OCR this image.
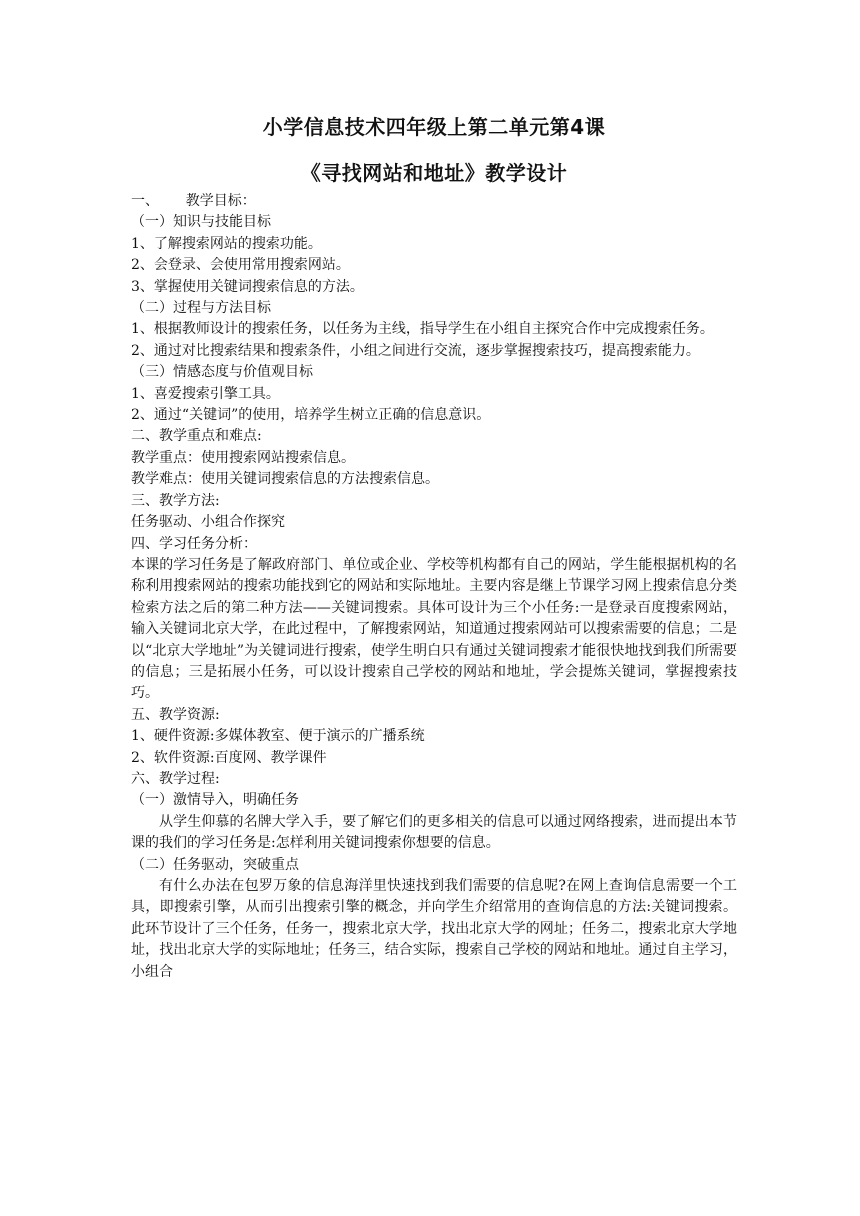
小学信息技术四年级上第二单元第4课
《寻找网站和地址》教学设计

一、      教学目标：

（一）知识与技能目标

1、了解搜索网站的搜索功能。

2、会登录、会使用常用搜索网站。

3、掌握使用关键词搜索信息的方法。

（二）过程与方法目标

1、根据教师设计的搜索任务，以任务为主线，指导学生在小组自主探究合作中完成搜索任务。

2、通过对比搜索结果和搜索条件，小组之间进行交流，逐步掌握搜索技巧，提高搜索能力。

（三）情感态度与价值观目标

1、喜爱搜索引擎工具。

2、通过“关键词”的使用，培养学生树立正确的信息意识。

二、教学重点和难点:

教学重点：使用搜索网站搜索信息。

教学难点：使用关键词搜索信息的方法搜索信息。

三、教学方法:

任务驱动、小组合作探究

四、学习任务分析：

本课的学习任务是了解政府部门、单位或企业、学校等机构都有自己的网站，学生能根据机构的名称利用搜索网站的搜索功能找到它的网站和实际地址。主要内容是继上节课学习网上搜索信息分类检索方法之后的第二种方法——关键词搜索。具体可设计为三个小任务:一是登录百度搜索网站，输入关键词北京大学，在此过程中，了解搜索网站，知道通过搜索网站可以搜索需要的信息；二是以“北京大学地址”为关键词进行搜索，使学生明白只有通过关键词搜索才能很快地找到我们所需要的信息；三是拓展小任务，可以设计搜索自己学校的网站和地址，学会提炼关键词，掌握搜索技巧。

五、教学资源:

1、硬件资源:多媒体教室、便于演示的广播系统

2、软件资源:百度网、教学课件

六、教学过程:

（一）激情导入，明确任务

从学生仰慕的名牌大学入手，要了解它们的更多相关的信息可以通过网络搜索，进而提出本节课的我们的学习任务是:怎样利用关键词搜索你想要的信息。

（二）任务驱动，突破重点

有什么办法在包罗万象的信息海洋里快速找到我们需要的信息呢?在网上查询信息需要一个工具，即搜索引擎，从而引出搜索引擎的概念，并向学生介绍常用的查询信息的方法:关键词搜索。此环节设计了三个任务，任务一，搜索北京大学，找出北京大学的网址；任务二，搜索北京大学地址，找出北京大学的实际地址；任务三，结合实际，搜索自己学校的网站和地址。通过自主学习，小组合
